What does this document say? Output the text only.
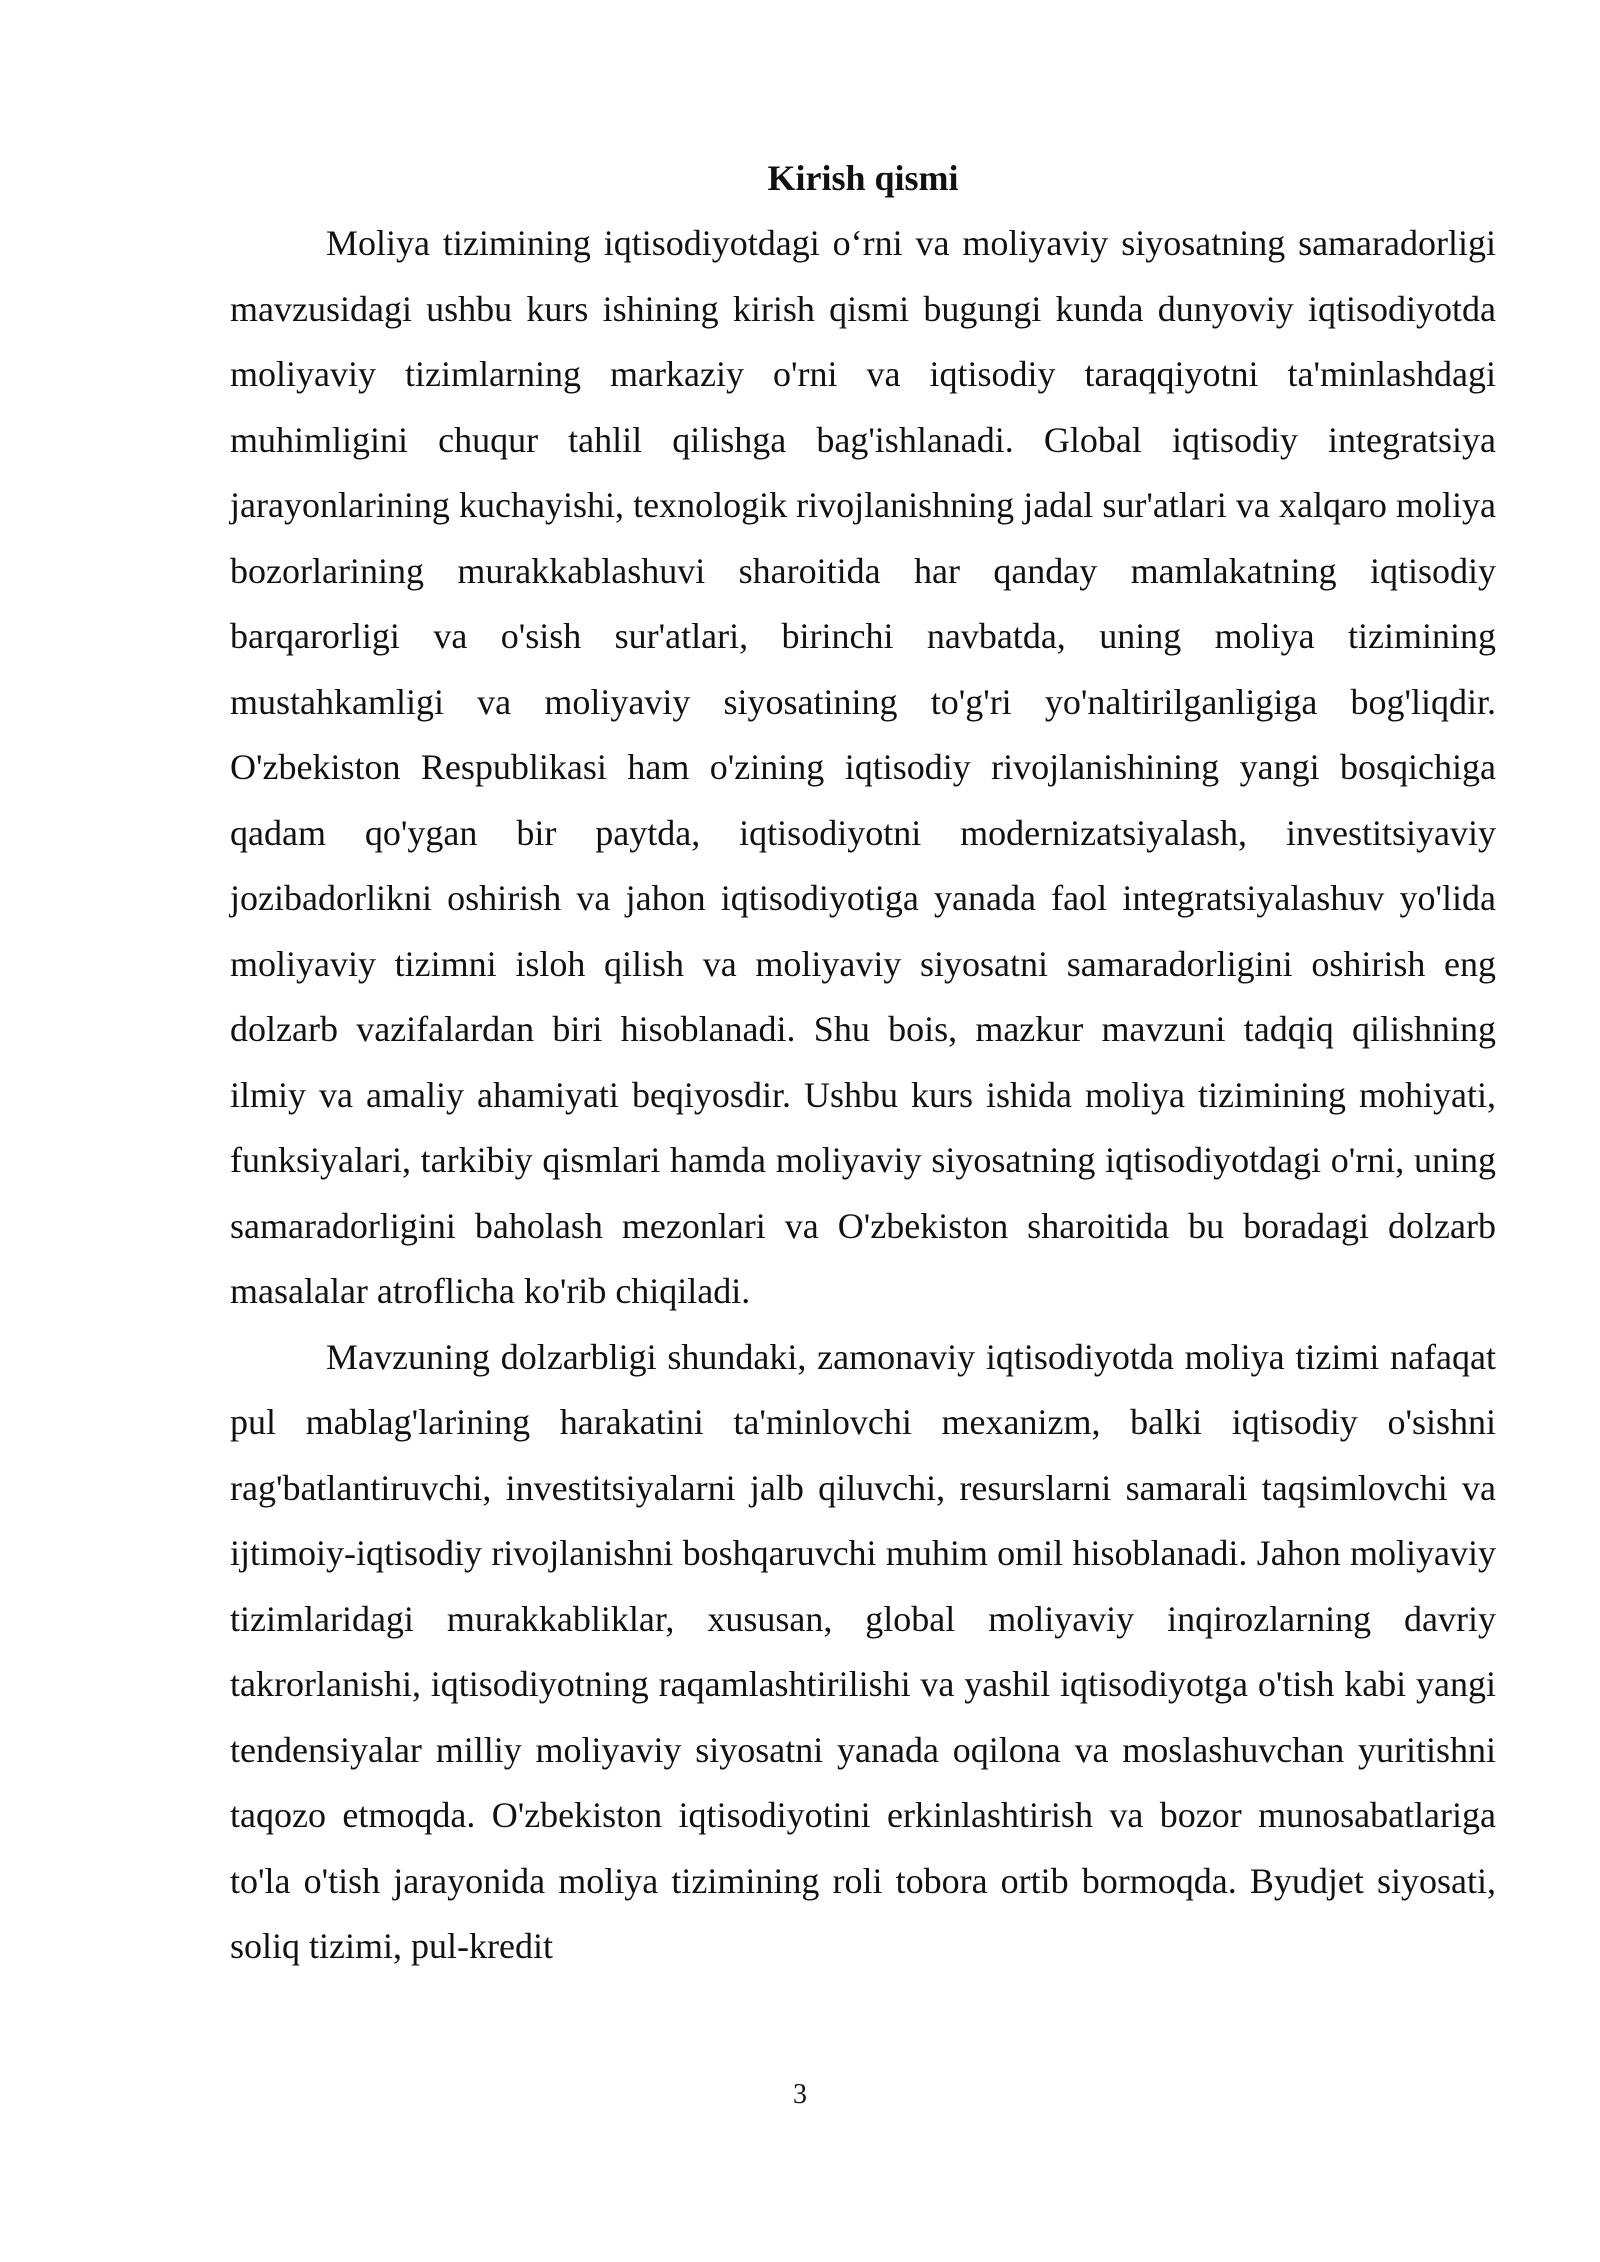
Kirish qismi

Moliya tizimining iqtisodiyotdagi o‘rni va moliyaviy siyosatning samaradorligi mavzusidagi ushbu kurs ishining kirish qismi bugungi kunda dunyoviy iqtisodiyotda moliyaviy tizimlarning markaziy o'rni va iqtisodiy taraqqiyotni ta'minlashdagi muhimligini chuqur tahlil qilishga bag'ishlanadi. Global iqtisodiy integratsiya jarayonlarining kuchayishi, texnologik rivojlanishning jadal sur'atlari va xalqaro moliya bozorlarining murakkablashuvi sharoitida har qanday mamlakatning iqtisodiy barqarorligi va o'sish sur'atlari, birinchi navbatda, uning moliya tizimining mustahkamligi va moliyaviy siyosatining to'g'ri yo'naltirilganligiga bog'liqdir. O'zbekiston Respublikasi ham o'zining iqtisodiy rivojlanishining yangi bosqichiga qadam qo'ygan bir paytda, iqtisodiyotni modernizatsiyalash, investitsiyaviy jozibadorlikni oshirish va jahon iqtisodiyotiga yanada faol integratsiyalashuv yo'lida moliyaviy tizimni isloh qilish va moliyaviy siyosatni samaradorligini oshirish eng dolzarb vazifalardan biri hisoblanadi. Shu bois, mazkur mavzuni tadqiq qilishning ilmiy va amaliy ahamiyati beqiyosdir. Ushbu kurs ishida moliya tizimining mohiyati, funksiyalari, tarkibiy qismlari hamda moliyaviy siyosatning iqtisodiyotdagi o'rni, uning samaradorligini baholash mezonlari va O'zbekiston sharoitida bu boradagi dolzarb masalalar atroflicha ko'rib chiqiladi.

Mavzuning dolzarbligi shundaki, zamonaviy iqtisodiyotda moliya tizimi nafaqat pul mablag'larining harakatini ta'minlovchi mexanizm, balki iqtisodiy o'sishni rag'batlantiruvchi, investitsiyalarni jalb qiluvchi, resurslarni samarali taqsimlovchi va ijtimoiy-iqtisodiy rivojlanishni boshqaruvchi muhim omil hisoblanadi. Jahon moliyaviy tizimlaridagi murakkabliklar, xususan, global moliyaviy inqirozlarning davriy takrorlanishi, iqtisodiyotning raqamlashtirilishi va yashil iqtisodiyotga o'tish kabi yangi tendensiyalar milliy moliyaviy siyosatni yanada oqilona va moslashuvchan yuritishni taqozo etmoqda. O'zbekiston iqtisodiyotini erkinlashtirish va bozor munosabatlariga to'la o'tish jarayonida moliya tizimining roli tobora ortib bormoqda. Byudjet siyosati, soliq tizimi, pul-kredit

3
